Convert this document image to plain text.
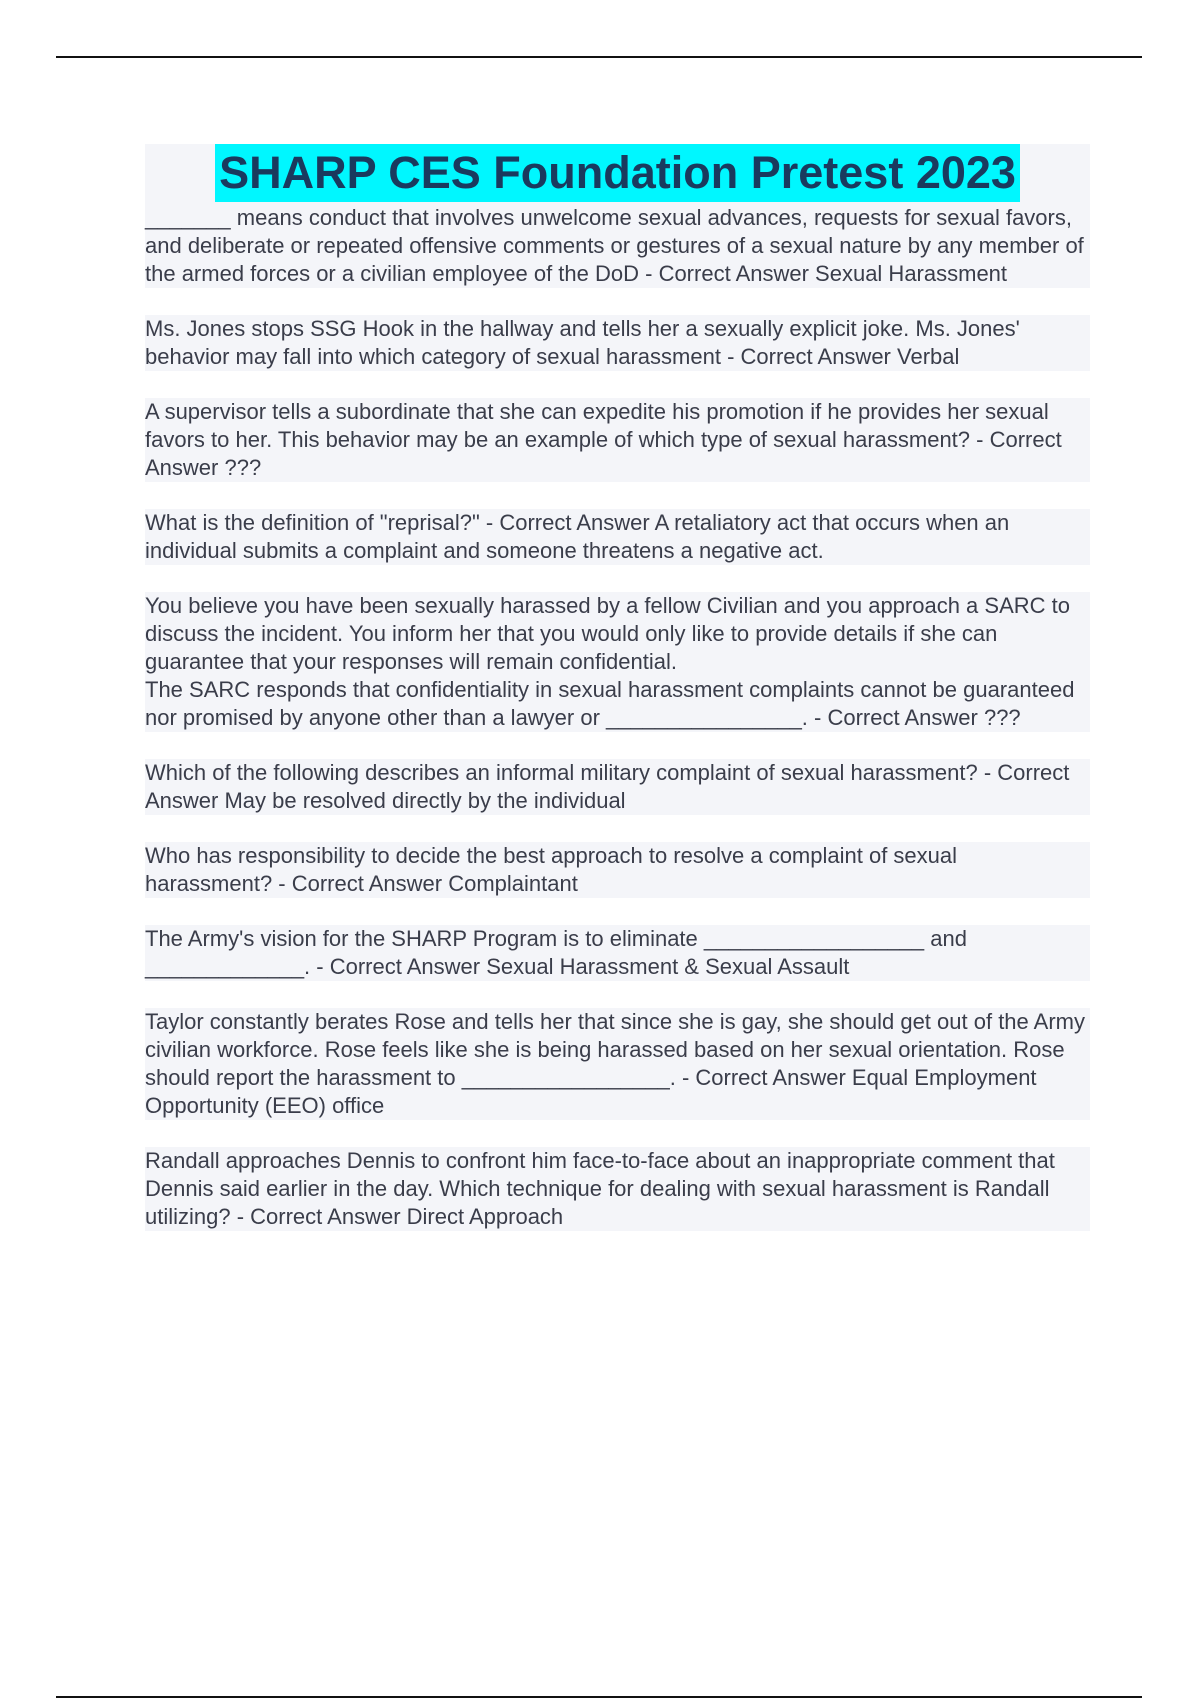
SHARP CES Foundation Pretest 2023
_______ means conduct that involves unwelcome sexual advances, requests for sexual favors, and deliberate or repeated offensive comments or gestures of a sexual nature by any member of the armed forces or a civilian employee of the DoD - Correct Answer Sexual Harassment
Ms. Jones stops SSG Hook in the hallway and tells her a sexually explicit joke. Ms. Jones' behavior may fall into which category of sexual harassment - Correct Answer Verbal
A supervisor tells a subordinate that she can expedite his promotion if he provides her sexual favors to her. This behavior may be an example of which type of sexual harassment? - Correct Answer ???
What is the definition of "reprisal?" - Correct Answer A retaliatory act that occurs when an individual submits a complaint and someone threatens a negative act.
You believe you have been sexually harassed by a fellow Civilian and you approach a SARC to discuss the incident. You inform her that you would only like to provide details if she can guarantee that your responses will remain confidential.
The SARC responds that confidentiality in sexual harassment complaints cannot be guaranteed nor promised by anyone other than a lawyer or ________________. - Correct Answer ???
Which of the following describes an informal military complaint of sexual harassment? - Correct Answer May be resolved directly by the individual
Who has responsibility to decide the best approach to resolve a complaint of sexual harassment? - Correct Answer Complaintant
The Army's vision for the SHARP Program is to eliminate __________________ and _____________. - Correct Answer Sexual Harassment & Sexual Assault
Taylor constantly berates Rose and tells her that since she is gay, she should get out of the Army civilian workforce. Rose feels like she is being harassed based on her sexual orientation. Rose should report the harassment to _________________. - Correct Answer Equal Employment Opportunity (EEO) office
Randall approaches Dennis to confront him face-to-face about an inappropriate comment that Dennis said earlier in the day. Which technique for dealing with sexual harassment is Randall utilizing? - Correct Answer Direct Approach
